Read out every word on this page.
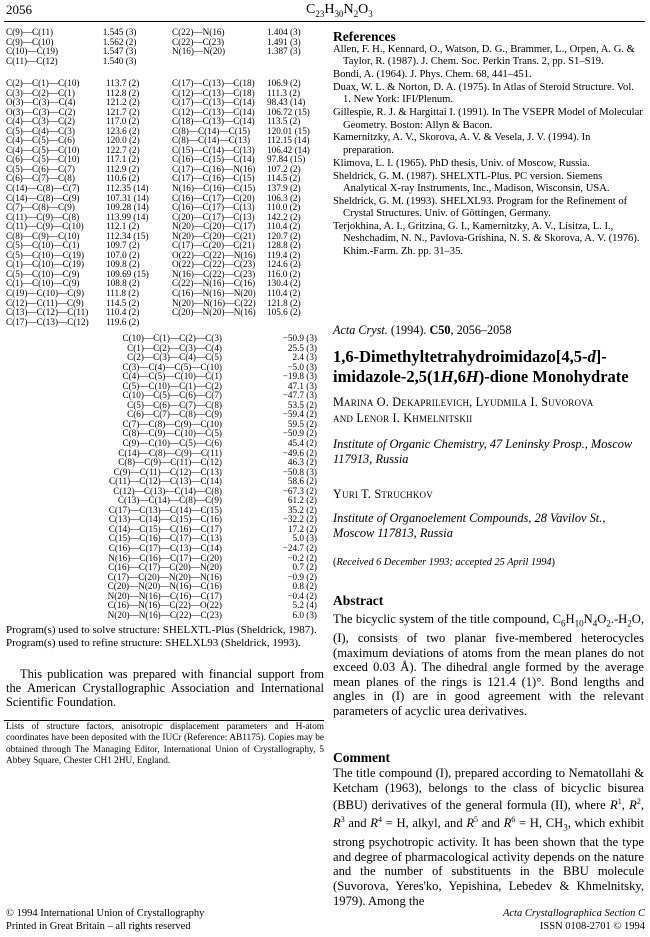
2056	$C_{23}H_{30}N_2O_3$
C(9)—C(11)	1.545 (3)
C(9)—C(10)	1.562 (2)
C(10)—C(19)	1.547 (3)
C(11)—C(12)	1.540 (3)
C(22)—N(16)	1.404 (3)
C(22)—C(23)	1.491 (3)
N(16)—N(20)	1.387 (3)
C(2)—C(1)—C(10)	113.7 (2)
C(3)—C(2)—C(1)	112.8 (2)
O(3)—C(3)—C(4)	121.2 (2)
O(3)—C(3)—C(2)	121.7 (2)
C(4)—C(3)—C(2)	117.0 (2)
C(5)—C(4)—C(3)	123.6 (2)
C(4)—C(5)—C(6)	120.0 (2)
C(4)—C(5)—C(10)	122.7 (2)
C(6)—C(5)—C(10)	117.1 (2)
C(5)—C(6)—C(7)	112.9 (2)
C(6)—C(7)—C(8)	110.6 (2)
C(14)—C(8)—C(7)	112.35 (14)
C(14)—C(8)—C(9)	107.31 (14)
C(7)—C(8)—C(9)	109.28 (14)
C(11)—C(9)—C(8)	113.99 (14)
C(11)—C(9)—C(10)	112.1 (2)
C(8)—C(9)—C(10)	112.34 (15)
C(5)—C(10)—C(1)	109.7 (2)
C(5)—C(10)—C(19)	107.0 (2)
C(1)—C(10)—C(19)	109.8 (2)
C(5)—C(10)—C(9)	109.69 (15)
C(1)—C(10)—C(9)	108.8 (2)
C(19)—C(10)—C(9)	111.8 (2)
C(12)—C(11)—C(9)	114.5 (2)
C(13)—C(12)—C(11)	110.4 (2)
C(17)—C(13)—C(12)	119.6 (2)
C(17)—C(13)—C(18)	106.9 (2)
C(12)—C(13)—C(18)	111.3 (2)
C(17)—C(13)—C(14)	98.43 (14)
C(12)—C(13)—C(14)	106.72 (15)
C(18)—C(13)—C(14)	113.5 (2)
C(8)—C(14)—C(15)	120.01 (15)
C(8)—C(14)—C(13)	112.15 (14)
C(15)—C(14)—C(13)	106.42 (14)
C(16)—C(15)—C(14)	97.84 (15)
C(17)—C(16)—N(16)	107.2 (2)
C(17)—C(16)—C(15)	114.5 (2)
N(16)—C(16)—C(15)	137.9 (2)
C(16)—C(17)—C(20)	106.3 (2)
C(16)—C(17)—C(13)	110.0 (2)
C(20)—C(17)—C(13)	142.2 (2)
N(20)—C(20)—C(17)	110.4 (2)
N(20)—C(20)—C(21)	120.7 (2)
C(17)—C(20)—C(21)	128.8 (2)
O(22)—C(22)—N(16)	119.4 (2)
O(22)—C(22)—C(23)	124.6 (2)
N(16)—C(22)—C(23)	116.0 (2)
C(22)—N(16)—C(16)	130.4 (2)
C(16)—N(16)—N(20)	110.4 (2)
N(20)—N(16)—C(22)	121.8 (2)
C(20)—N(20)—N(16)	105.6 (2)
C(10)—C(1)—C(2)—C(3)	−50.9 (3)
C(1)—C(2)—C(3)—C(4)	25.5 (3)
C(2)—C(3)—C(4)—C(5)	2.4 (3)
C(3)—C(4)—C(5)—C(10)	−5.0 (3)
C(4)—C(5)—C(10)—C(1)	−19.8 (3)
C(5)—C(10)—C(1)—C(2)	47.1 (3)
C(10)—C(5)—C(6)—C(7)	−47.7 (3)
C(5)—C(6)—C(7)—C(8)	53.5 (2)
C(6)—C(7)—C(8)—C(9)	−59.4 (2)
C(7)—C(8)—C(9)—C(10)	59.5 (2)
C(8)—C(9)—C(10)—C(5)	−50.9 (2)
C(9)—C(10)—C(5)—C(6)	45.4 (2)
C(14)—C(8)—C(9)—C(11)	−49.6 (2)
C(8)—C(9)—C(11)—C(12)	46.3 (2)
C(9)—C(11)—C(12)—C(13)	−50.8 (3)
C(11)—C(12)—C(13)—C(14)	58.6 (2)
C(12)—C(13)—C(14)—C(8)	−67.3 (2)
C(13)—C(14)—C(8)—C(9)	61.2 (2)
C(17)—C(13)—C(14)—C(15)	35.2 (2)
C(13)—C(14)—C(15)—C(16)	−32.2 (2)
C(14)—C(15)—C(16)—C(17)	17.2 (2)
C(15)—C(16)—C(17)—C(13)	5.0 (3)
C(16)—C(17)—C(13)—C(14)	−24.7 (2)
N(16)—C(16)—C(17)—C(20)	−0.2 (2)
C(16)—C(17)—C(20)—N(20)	0.7 (2)
C(17)—C(20)—N(20)—N(16)	−0.9 (2)
C(20)—N(20)—N(16)—C(16)	0.8 (2)
N(20)—N(16)—C(16)—C(17)	−0.4 (2)
C(16)—N(16)—C(22)—O(22)	5.2 (4)
N(20)—N(16)—C(22)—C(23)	6.0 (3)
Program(s) used to solve structure: SHELXTL-Plus (Sheldrick, 1987). Program(s) used to refine structure: SHELXL93 (Sheldrick, 1993).
This publication was prepared with financial support from the American Crystallographic Association and International Scientific Foundation.
Lists of structure factors, anisotropic displacement parameters and H-atom coordinates have been deposited with the IUCr (Reference: AB1175). Copies may be obtained through The Managing Editor, International Union of Crystallography, 5 Abbey Square, Chester CH1 2HU, England.
© 1994 International Union of Crystallography
Printed in Great Britain – all rights reserved
References

Allen, F. H., Kennard, O., Watson, D. G., Brammer, L., Orpen, A. G. & Taylor, R. (1987). J. Chem. Soc. Perkin Trans. 2, pp. S1–S19.

Bondi, A. (1964). J. Phys. Chem. 68, 441–451.

Duax, W. L. & Norton, D. A. (1975). In Atlas of Steroid Structure. Vol. 1. New York: IFI/Plenum.

Gillespie, R. J. & Hargittai I. (1991). In The VSEPR Model of Molecular Geometry. Boston: Allyn & Bacon.

Kamernitzky, A. V., Skorova, A. V. & Vesela, J. V. (1994). In preparation.

Klimova, L. I. (1965). PhD thesis, Univ. of Moscow, Russia.

Sheldrick, G. M. (1987). SHELXTL-Plus. PC version. Siemens Analytical X-ray Instruments, Inc., Madison, Wisconsin, USA.

Sheldrick, G. M. (1993). SHELXL93. Program for the Refinement of Crystal Structures. Univ. of Göttingen, Germany.

Terjokhina, A. I., Gritzina, G. I., Kamernitzky, A. V., Lisitza, L. I., Neshchadim, N. N., Pavlova-Grishina, N. S. & Skorova, A. V. (1976). Khim.-Farm. Zh. pp. 31–35.

Acta Cryst. (1994). C50, 2056–2058
1,6-Dimethyltetrahydroimidazo[4,5-d]-
imidazole-2,5(1H,6H)-dione Monohydrate
Marina O. Dekaprilevich, Lyudmila I. Suvorova
and Lenor I. Khmelnitskii
Institute of Organic Chemistry, 47 Leninsky Prosp., Moscow 117913, Russia
Yuri T. Struchkov
Institute of Organoelement Compounds, 28 Vavilov St., Moscow 117813, Russia
(Received 6 December 1993; accepted 25 April 1994)
Abstract
The bicyclic system of the title compound, $C_6H_{10}N_4O_2.-H_2O$, (I), consists of two planar five-membered heterocycles (maximum deviations of atoms from the mean planes do not exceed 0.03 Å). The dihedral angle formed by the average mean planes of the rings is 121.4 (1)°. Bond lengths and angles in (I) are in good agreement with the relevant parameters of acyclic urea derivatives.
Comment
The title compound (I), prepared according to Nematollahi & Ketcham (1963), belongs to the class of bicyclic bisurea (BBU) derivatives of the general formula (II), where $R^1$, $R^2$, $R^3$ and $R^4 = H$, alkyl, and $R^5$ and $R^6 = H$, $CH_3$, which exhibit strong psychotropic activity. It has been shown that the type and degree of pharmacological activity depends on the nature and the number of substituents in the BBU molecule (Suvorova, Yeres'ko, Yepishina, Lebedev & Khmelnitsky, 1979). Among the
Acta Crystallographica Section C
ISSN 0108-2701 © 1994
